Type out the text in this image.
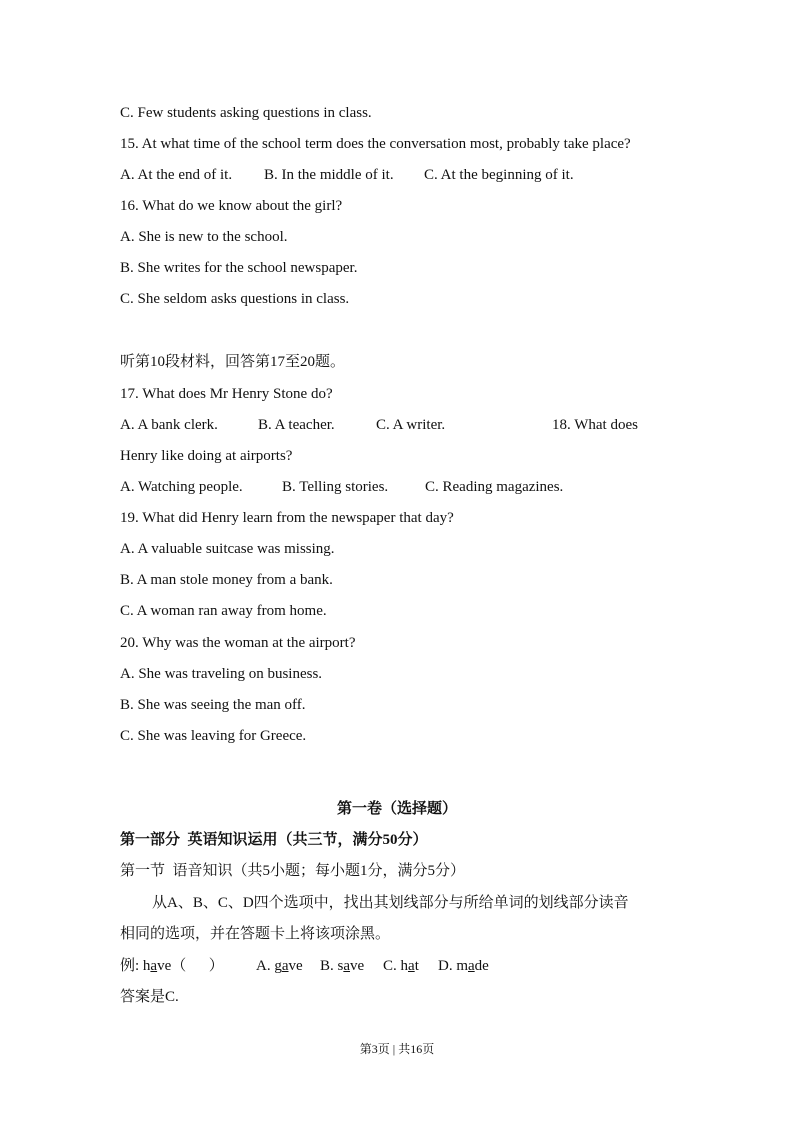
C. Few students asking questions in class.
15. At what time of the school term does the conversation most, probably take place?
A. At the end of it. B. In the middle of it. C. At the beginning of it.
16. What do we know about the girl?
A. She is new to the school.
B. She writes for the school newspaper.
C. She seldom asks questions in class.
听第10段材料，回答第17至20题。
17. What does Mr Henry Stone do?
A. A bank clerk.	B. A teacher.	C. A writer.	18. What does
Henry like doing at airports?
A. Watching people.	B. Telling stories. C. Reading magazines.
19. What did Henry learn from the newspaper that day?
A. A valuable suitcase was missing.
B. A man stole money from a bank.
C. A woman ran away from home.
20. Why was the woman at the airport?
A. She was traveling on business.
B. She was seeing the man off.
C. She was leaving for Greece.
第一卷（选择题）
第一部分  英语知识运用（共三节，满分50分）
第一节  语音知识（共5小题；每小题1分，满分5分）
从A、B、C、D四个选项中，找出其划线部分与所给单词的划线部分读音
相同的选项，并在答题卡上将该项涂黑。
例: have（      ） A. gave B. save C. hat D. made
答案是C.
第3页 | 共16页
